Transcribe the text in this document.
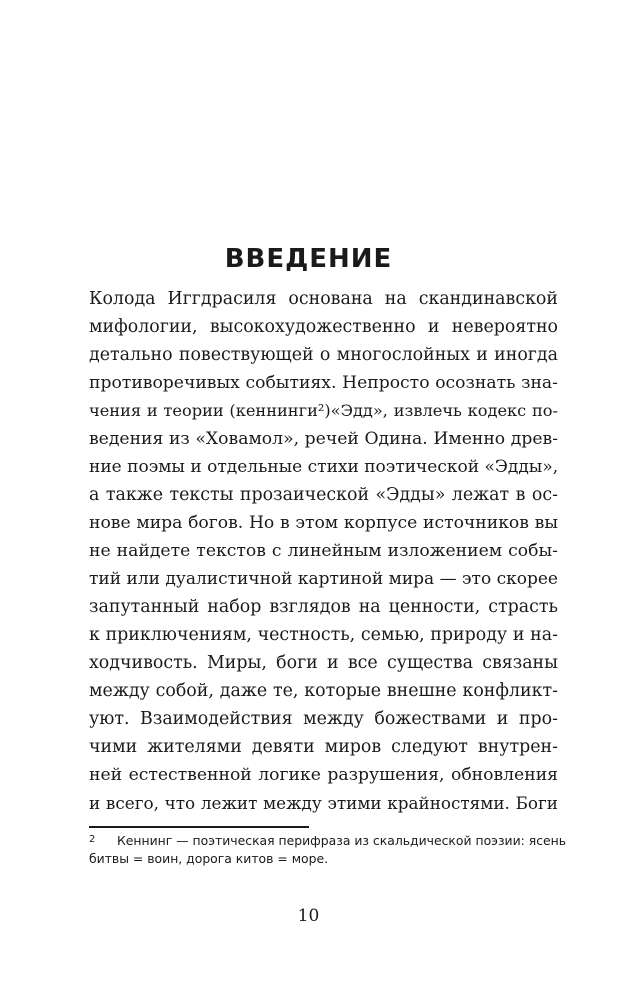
ВВЕДЕНИЕ
Колода Иггдрасиля основана на скандинавской
мифологии, высокохудожественно и невероятно
детально повествующей о многослойных и иногда
противоречивых событиях. Непросто осознать зна-
чения и теории (кеннинги²)«Эдд», извлечь кодекс по-
ведения из «Ховамол», речей Одина. Именно древ-
ние поэмы и отдельные стихи поэтической «Эдды»,
а также тексты прозаической «Эдды» лежат в ос-
нове мира богов. Но в этом корпусе источников вы
не найдете текстов с линейным изложением собы-
тий или дуалистичной картиной мира — это скорее
запутанный набор взглядов на ценности, страсть
к приключениям, честность, семью, природу и на-
ходчивость. Миры, боги и все существа связаны
между собой, даже те, которые внешне конфликт-
уют. Взаимодействия между божествами и про-
чими жителями девяти миров следуют внутрен-
ней естественной логике разрушения, обновления
и всего, что лежит между этими крайностями. Боги
2 Кеннинг — поэтическая перифраза из скальдической поэзии: ясень
битвы = воин, дорога китов = море.
10
